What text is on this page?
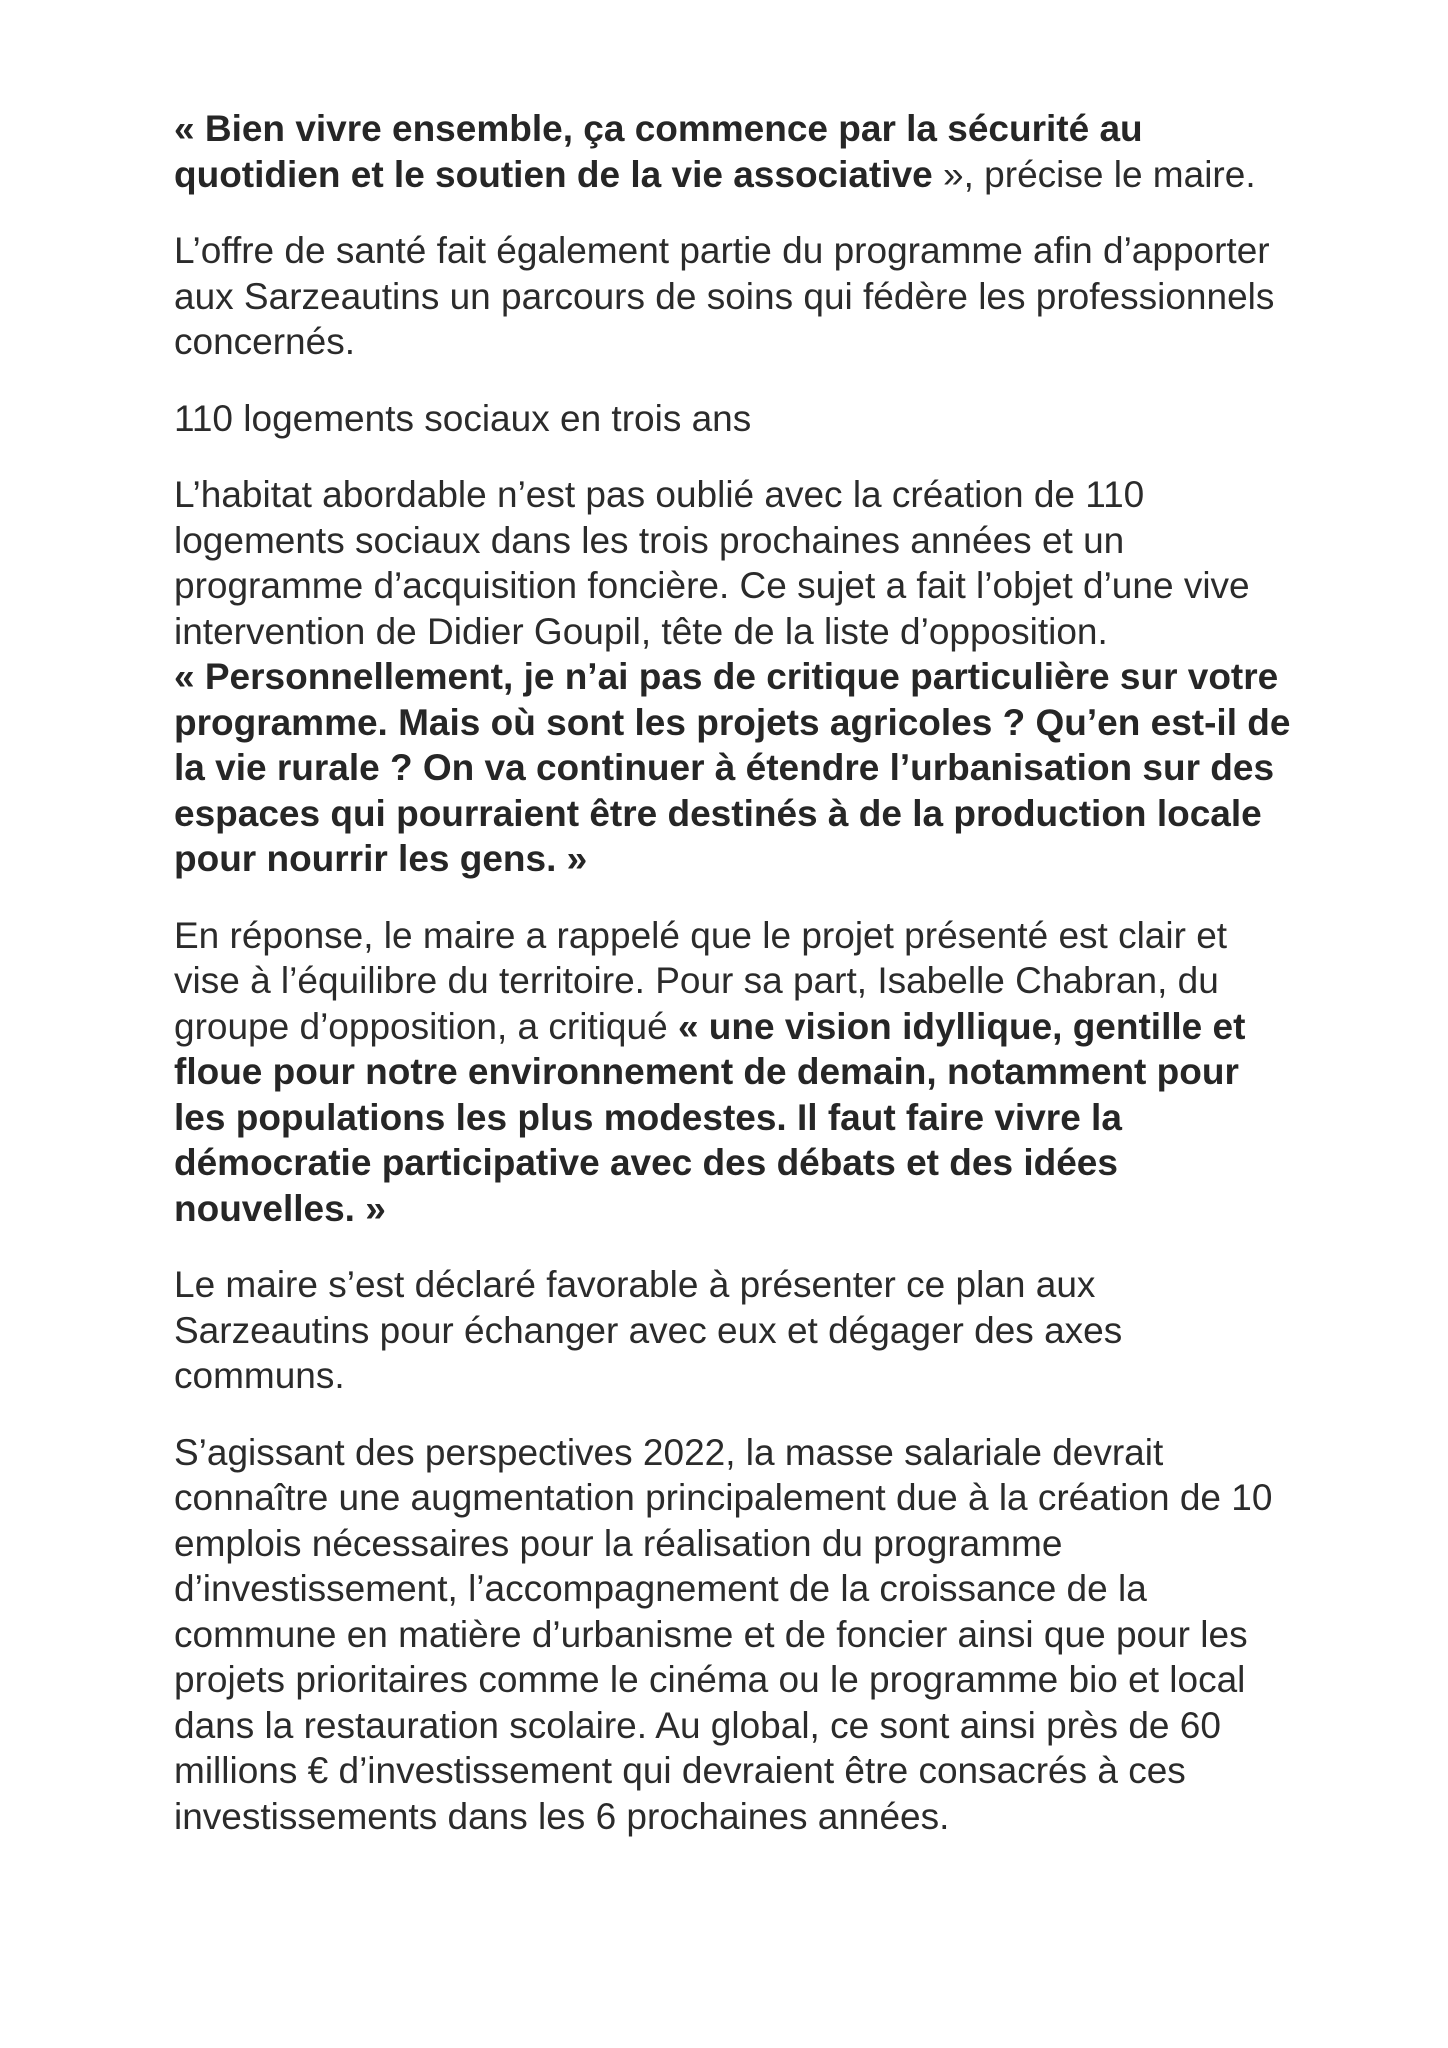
« Bien vivre ensemble, ça commence par la sécurité au quotidien et le soutien de la vie associative », précise le maire.

L’offre de santé fait également partie du programme afin d’apporter aux Sarzeautins un parcours de soins qui fédère les professionnels concernés.

110 logements sociaux en trois ans

L’habitat abordable n’est pas oublié avec la création de 110 logements sociaux dans les trois prochaines années et un programme d’acquisition foncière. Ce sujet a fait l’objet d’une vive intervention de Didier Goupil, tête de la liste d’opposition.
« Personnellement, je n’ai pas de critique particulière sur votre programme. Mais où sont les projets agricoles ? Qu’en est-il de la vie rurale ? On va continuer à étendre l’urbanisation sur des espaces qui pourraient être destinés à de la production locale pour nourrir les gens. »

En réponse, le maire a rappelé que le projet présenté est clair et vise à l’équilibre du territoire. Pour sa part, Isabelle Chabran, du groupe d’opposition, a critiqué « une vision idyllique, gentille et floue pour notre environnement de demain, notamment pour les populations les plus modestes. Il faut faire vivre la démocratie participative avec des débats et des idées nouvelles. »

Le maire s’est déclaré favorable à présenter ce plan aux Sarzeautins pour échanger avec eux et dégager des axes communs.

S’agissant des perspectives 2022, la masse salariale devrait connaître une augmentation principalement due à la création de 10 emplois nécessaires pour la réalisation du programme d’investissement, l’accompagnement de la croissance de la commune en matière d’urbanisme et de foncier ainsi que pour les projets prioritaires comme le cinéma ou le programme bio et local dans la restauration scolaire. Au global, ce sont ainsi près de 60 millions € d’investissement qui devraient être consacrés à ces investissements dans les 6 prochaines années.
